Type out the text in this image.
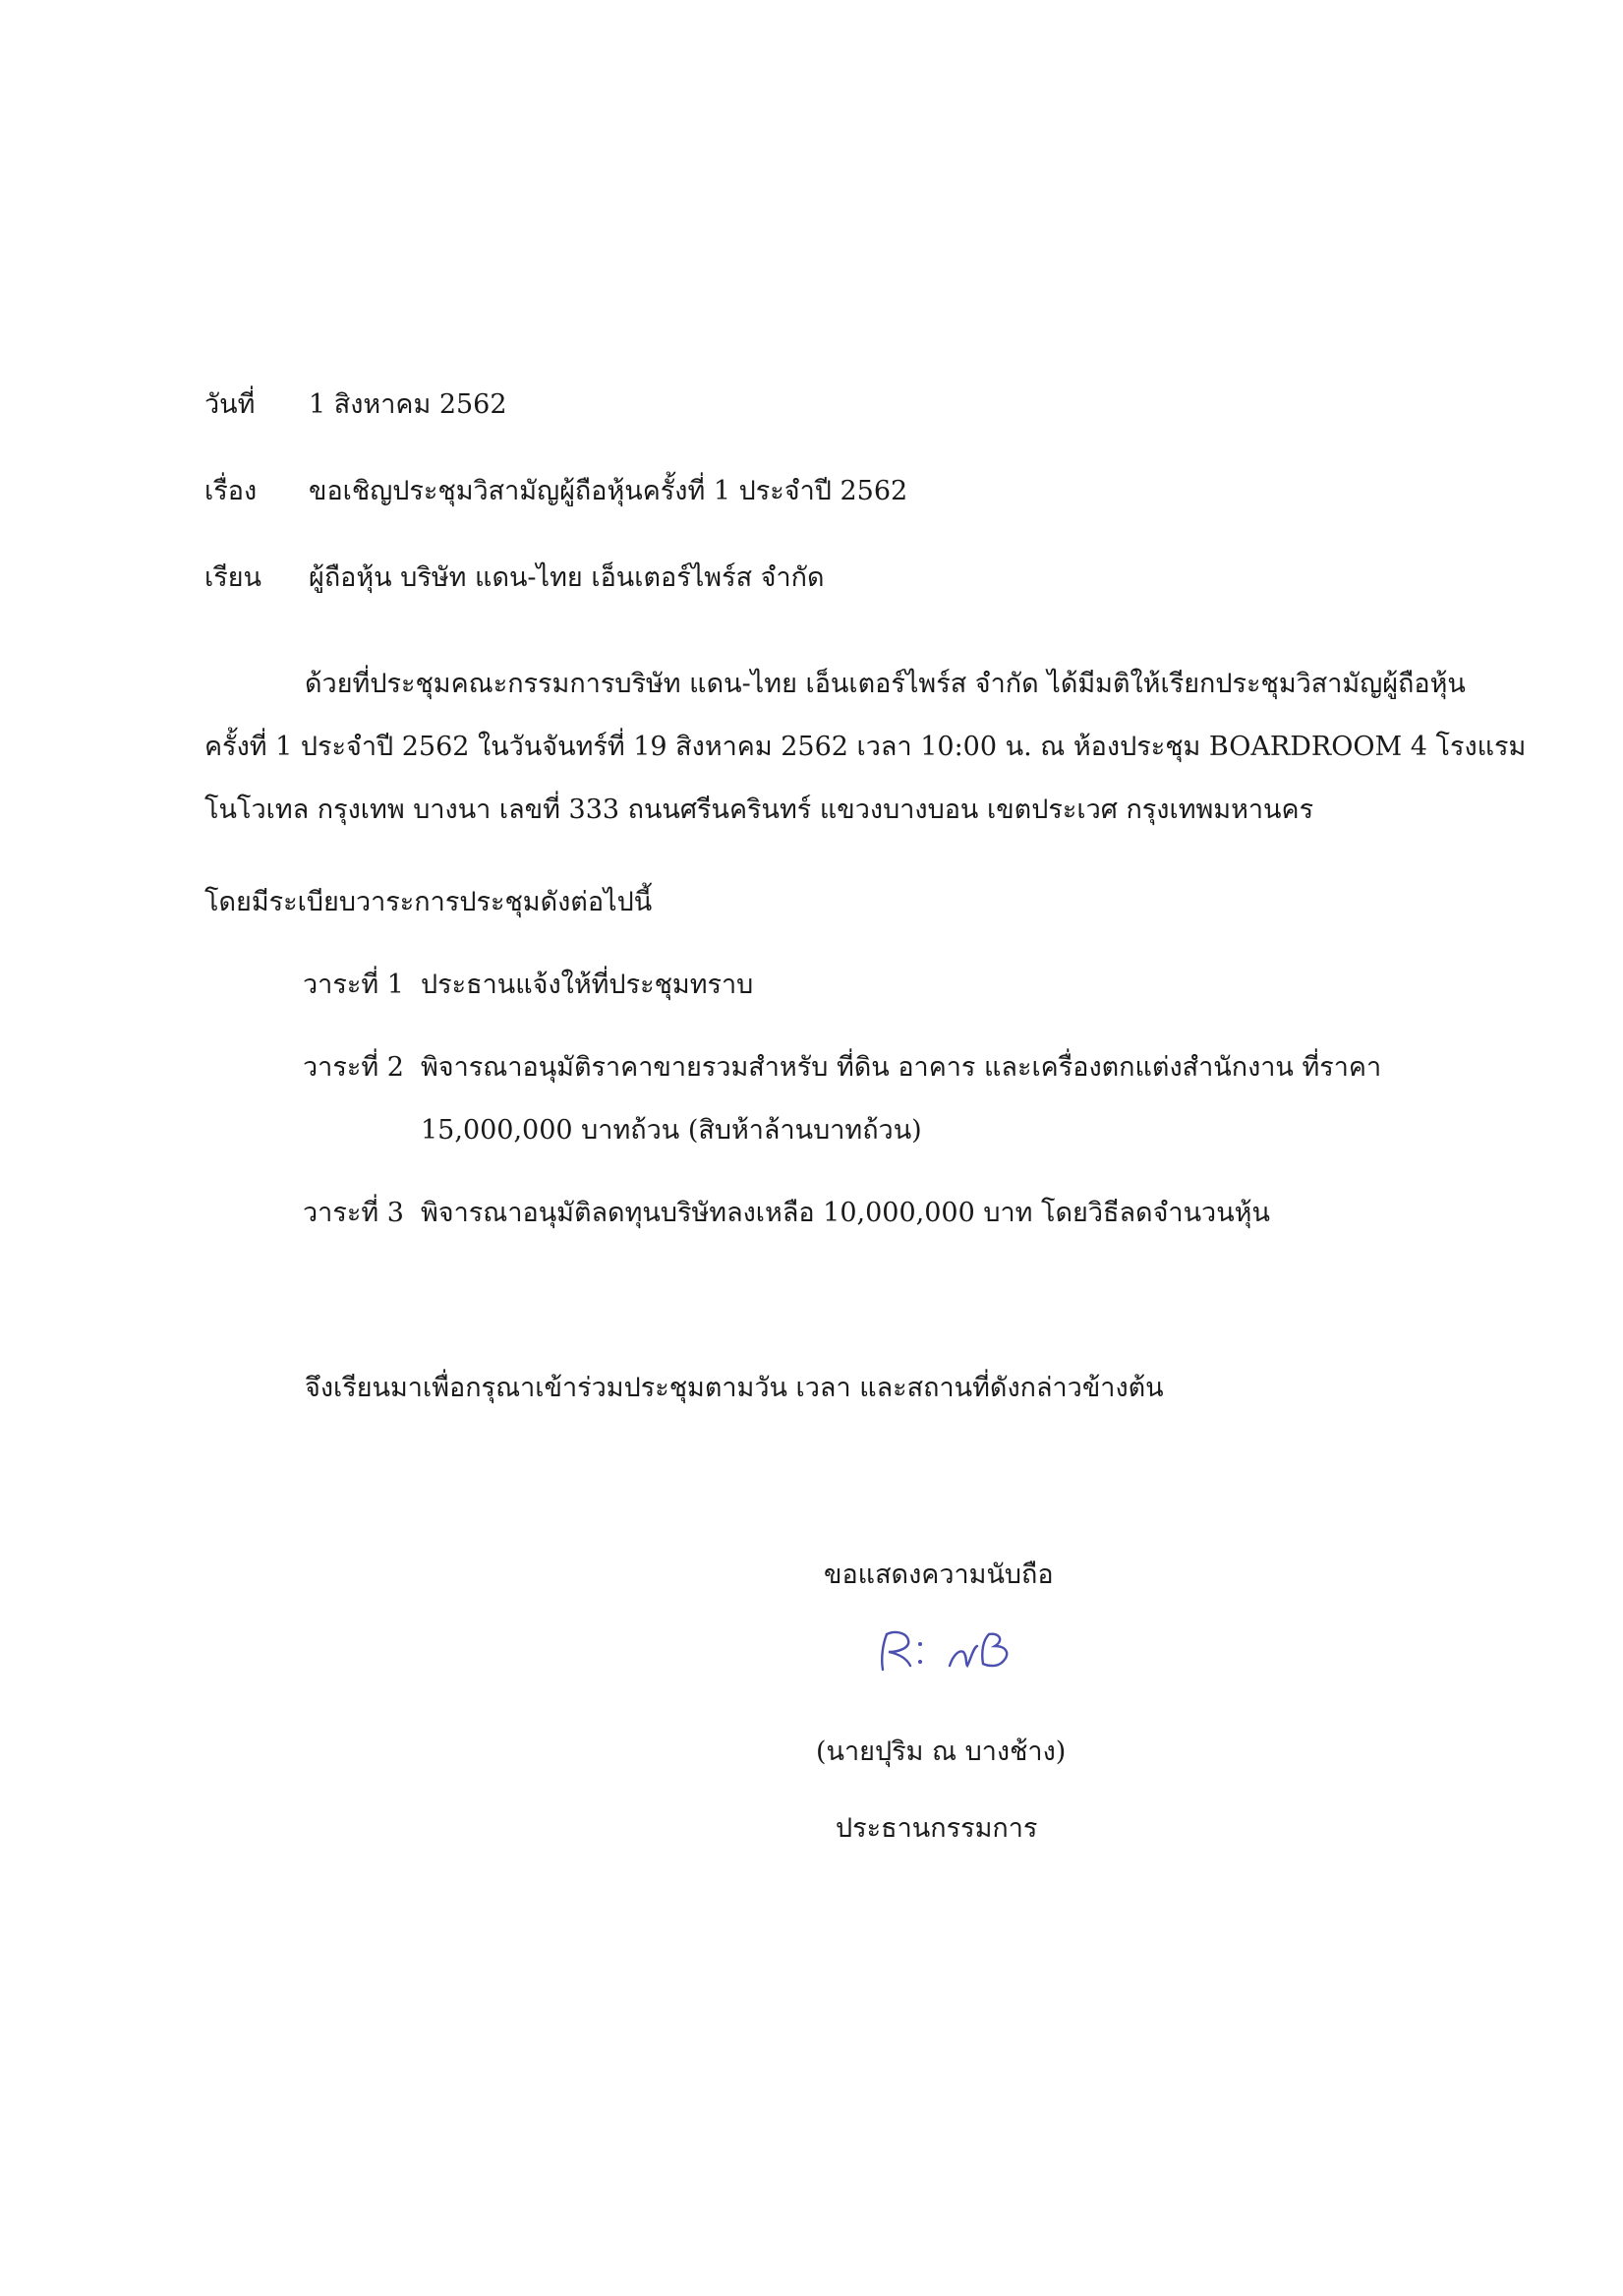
วันที่ 1 สิงหาคม 2562
เรื่อง ขอเชิญประชุมวิสามัญผู้ถือหุ้นครั้งที่ 1 ประจำปี 2562
เรียน ผู้ถือหุ้น บริษัท แดน-ไทย เอ็นเตอร์ไพร์ส จำกัด
ด้วยที่ประชุมคณะกรรมการบริษัท แดน-ไทย เอ็นเตอร์ไพร์ส จำกัด ได้มีมติให้เรียกประชุมวิสามัญผู้ถือหุ้น
ครั้งที่ 1 ประจำปี 2562 ในวันจันทร์ที่ 19 สิงหาคม 2562 เวลา 10:00 น. ณ ห้องประชุม BOARDROOM 4 โรงแรม
โนโวเทล กรุงเทพ บางนา เลขที่ 333 ถนนศรีนครินทร์ แขวงบางบอน เขตประเวศ กรุงเทพมหานคร
โดยมีระเบียบวาระการประชุมดังต่อไปนี้
วาระที่ 1 ประธานแจ้งให้ที่ประชุมทราบ
วาระที่ 2 พิจารณาอนุมัติราคาขายรวมสำหรับ ที่ดิน อาคาร และเครื่องตกแต่งสำนักงาน ที่ราคา
15,000,000 บาทถ้วน (สิบห้าล้านบาทถ้วน)
วาระที่ 3 พิจารณาอนุมัติลดทุนบริษัทลงเหลือ 10,000,000 บาท โดยวิธีลดจำนวนหุ้น
จึงเรียนมาเพื่อกรุณาเข้าร่วมประชุมตามวัน เวลา และสถานที่ดังกล่าวข้างต้น
ขอแสดงความนับถือ
(นายปุริม ณ บางช้าง)
ประธานกรรมการ
